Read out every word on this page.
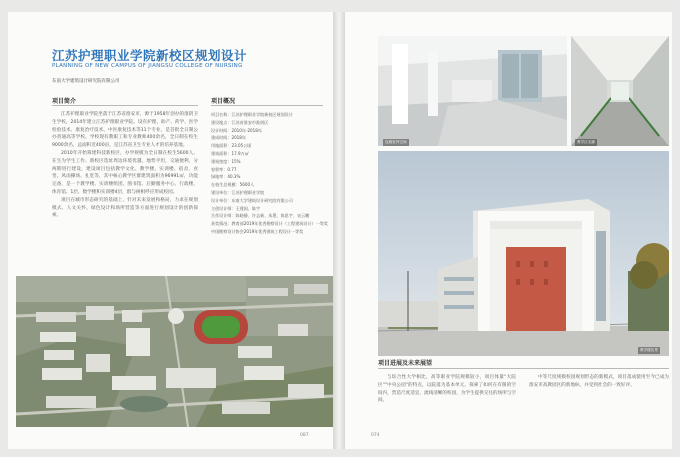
江苏护理职业学院新校区规划设计
PLANNING OF NEW CAMPUS OF JIANGSU COLLEGE OF NURSING
东南大学建筑设计研究院有限公司
项目简介	项目概况

江苏护理职业学院坐落于江苏省淮安市，源于1958年创办的淮阴卫生学校，2014年建立江苏护理职业学院。设有护理、助产、药学、医学检验技术、康复治疗技术、中医康复技术等11个专业，是首批全日制公办普通高等学校。学校现有教职工和专业教师400余名，全日制在校生9000余名，总面积近400亩，是江苏省卫生专业人才的培养基地。

2010年开始筹建科技新校区，办学规模为全日制在校生5600人。在生为学生工作、新校区选址周边环境优越，地势平坦，交通便利，分两期进行建设，建设项目包括教学文化、教学楼、实训楼、宿舍、食堂、风雨操场、礼堂等，其中核心教学区群建筑面积为96991㎡，功能完备，是一个教学楼、实训楼组团、图书馆、后勤服务中心、行政楼、体育馆、1层、数学楼和实训楼4层，群与树相呼应形成校园。

项目在城市形态研究的基础上，针对未来发展和格局，力求在规划模式、人文关怀、绿色设计和场所营造等方面进行规划设计的创新探索。

项目名称：江苏护理职业学院新校区规划设计
建设地点：江苏省淮安市淮阴区
设计时间：2010年-2018年
建成时间：2018年
用地面积：23.05公顷
建筑面积：17.9万㎡
建筑密度：15%
容积率：0.77
绿地率：40.3%
在校生总规模：5600人
建设单位：江苏护理职业学院
设计单位：东南大学建筑设计研究院有限公司
主创设计师：王建国、陈宇
合作设计师：陈晓静、许志新、朱墨、陈思宇、宋云鹏
获奖情况：教育部2019年优秀勘察设计（工程建筑设计）一等奖
中国勘察设计协会2019年优秀建筑工程设计一等奖
087
连廊室内空间	教学区走廊
教学楼实景
项目进展及未来展望

与综合性大学相比，高等职业学院规模较小，项目体量"大院区""中央公园"的特点，以院落为基本单元，探索了如何在有限的空间内，营造尺度适宜、流线清晰的校园，为学生提供交往的场所与空间。

中等尺度规模校园规划形态的新模式，项目落成使用至今已成为淮安市高教园区的新地标，并受到社会的一致好评。

074
